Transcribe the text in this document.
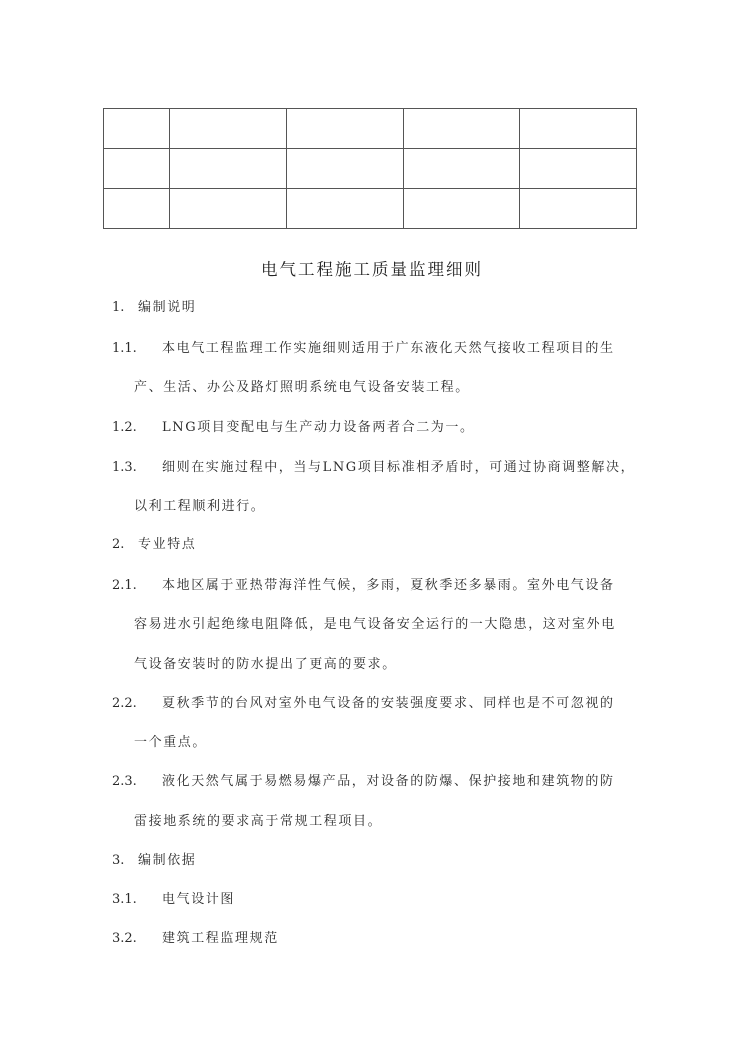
电气工程施工质量监理细则
1. 编制说明
1.1. 本电气工程监理工作实施细则适用于广东液化天然气接收工程项目的生
产、生活、办公及路灯照明系统电气设备安装工程。
1.2. LNG项目变配电与生产动力设备两者合二为一。
1.3. 细则在实施过程中，当与LNG项目标准相矛盾时，可通过协商调整解决，
以利工程顺利进行。
2. 专业特点
2.1. 本地区属于亚热带海洋性气候，多雨，夏秋季还多暴雨。室外电气设备
容易进水引起绝缘电阻降低，是电气设备安全运行的一大隐患，这对室外电
气设备安装时的防水提出了更高的要求。
2.2. 夏秋季节的台风对室外电气设备的安装强度要求、同样也是不可忽视的
一个重点。
2.3. 液化天然气属于易燃易爆产品，对设备的防爆、保护接地和建筑物的防
雷接地系统的要求高于常规工程项目。
3. 编制依据
3.1. 电气设计图
3.2. 建筑工程监理规范
